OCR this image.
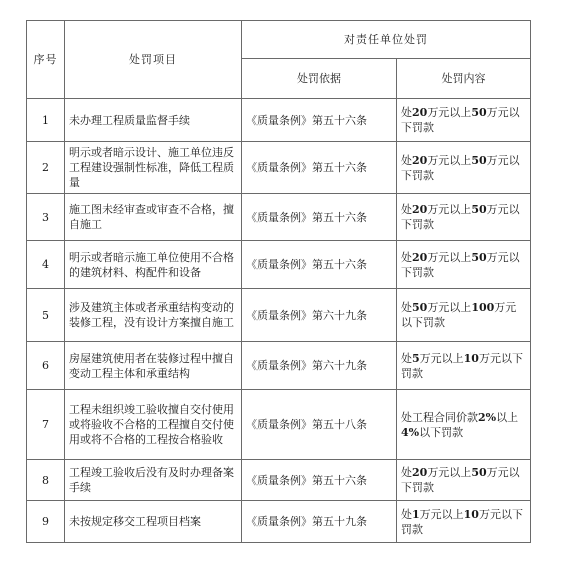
序号	处罚项目	对责任单位处罚	
		处罚依据	处罚内容
1	未办理工程质量监督手续	《质量条例》第五十六条	处20万元以上50万元以下罚款
2	明示或者暗示设计、施工单位违反工程建设强制性标准，降低工程质量	《质量条例》第五十六条	处20万元以上50万元以下罚款
3	施工图未经审查或审查不合格，擅自施工	《质量条例》第五十六条	处20万元以上50万元以下罚款
4	明示或者暗示施工单位使用不合格的建筑材料、构配件和设备	《质量条例》第五十六条	处20万元以上50万元以下罚款
5	涉及建筑主体或者承重结构变动的装修工程，没有设计方案擅自施工	《质量条例》第六十九条	处50万元以上100万元以下罚款
6	房屋建筑使用者在装修过程中擅自变动工程主体和承重结构	《质量条例》第六十九条	处5万元以上10万元以下罚款
7	工程未组织竣工验收擅自交付使用或将验收不合格的工程擅自交付使用或将不合格的工程按合格验收	《质量条例》第五十八条	处工程合同价款2%以上4%以下罚款
8	工程竣工验收后没有及时办理备案手续	《质量条例》第五十六条	处20万元以上50万元以下罚款
9	未按规定移交工程项目档案	《质量条例》第五十九条	处1万元以上10万元以下罚款
